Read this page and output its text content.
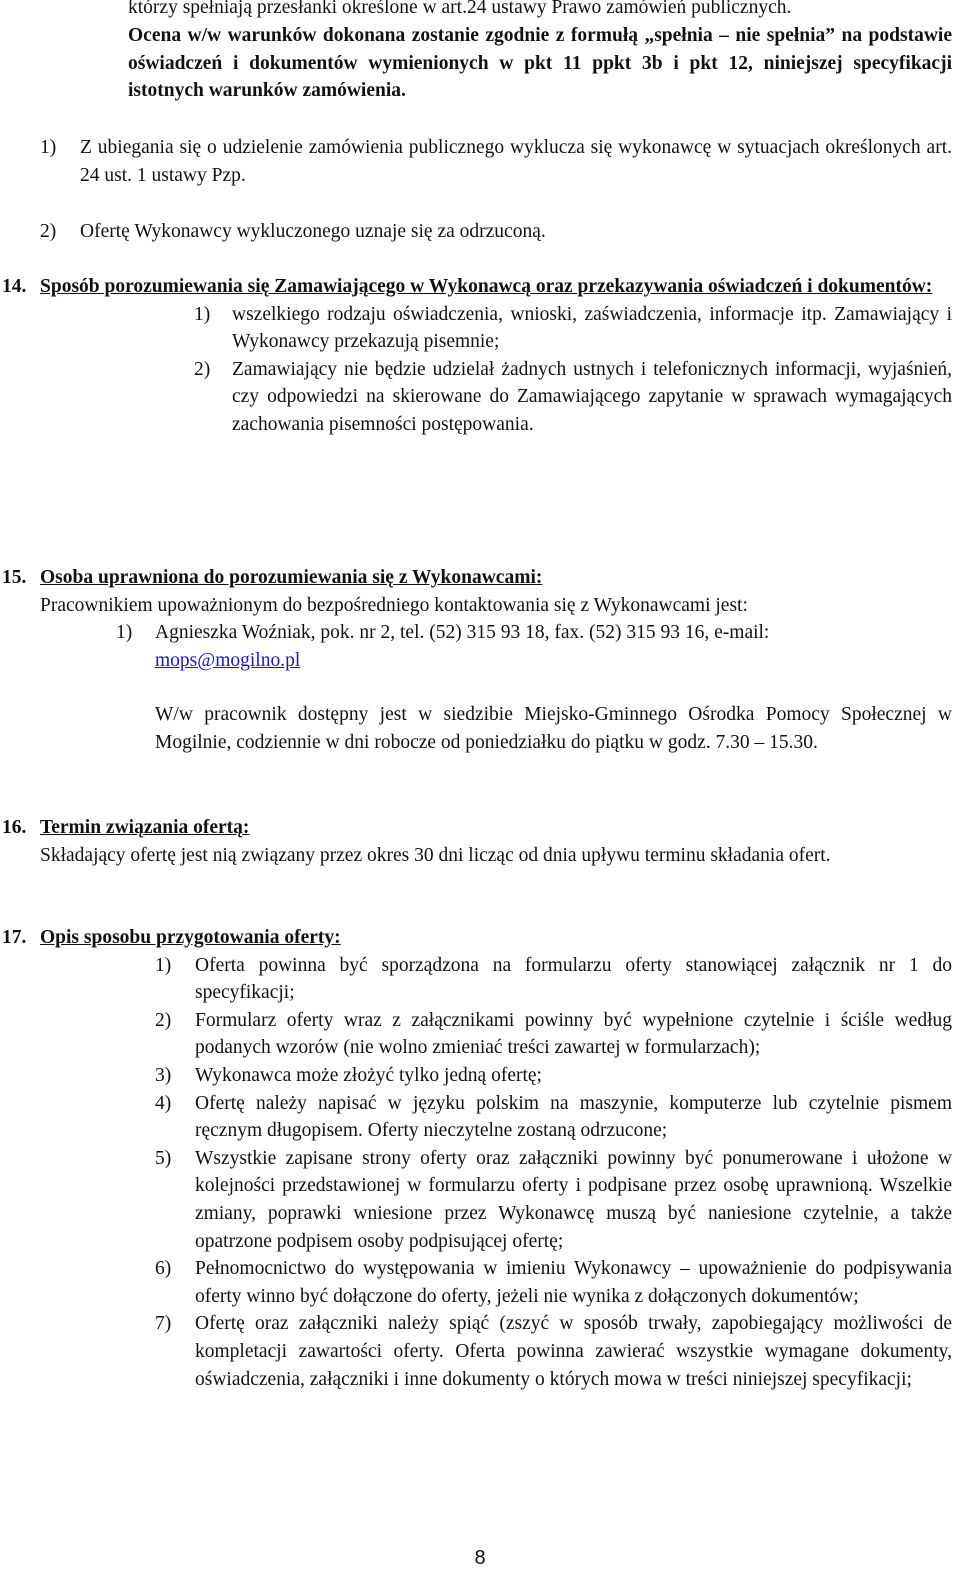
którzy spełniają przesłanki określone w art.24 ustawy Prawo zamówień publicznych.

Ocena w/w warunków dokonana zostanie zgodnie z formułą „spełnia – nie spełnia” na podstawie oświadczeń i dokumentów wymienionych w pkt 11 ppkt 3b i pkt 12, niniejszej specyfikacji istotnych warunków zamówienia.

1) Z ubiegania się o udzielenie zamówienia publicznego wyklucza się wykonawcę w sytuacjach określonych art. 24 ust. 1 ustawy Pzp.
2) Ofertę Wykonawcy wykluczonego uznaje się za odrzuconą.
14. Sposób porozumiewania się Zamawiającego w Wykonawcą oraz przekazywania oświadczeń i dokumentów:
1) wszelkiego rodzaju oświadczenia, wnioski, zaświadczenia, informacje itp. Zamawiający i Wykonawcy przekazują pisemnie;
2) Zamawiający nie będzie udzielał żadnych ustnych i telefonicznych informacji, wyjaśnień, czy odpowiedzi na skierowane do Zamawiającego zapytanie w sprawach wymagających zachowania pisemności postępowania.
15. Osoba uprawniona do porozumiewania się z Wykonawcami:
Pracownikiem upoważnionym do bezpośredniego kontaktowania się z Wykonawcami jest:
1) Agnieszka Woźniak, pok. nr 2, tel. (52) 315 93 18, fax. (52) 315 93 16, e-mail:
mops@mogilno.pl
W/w pracownik dostępny jest w siedzibie Miejsko-Gminnego Ośrodka Pomocy Społecznej w Mogilnie, codziennie w dni robocze od poniedziałku do piątku w godz. 7.30 – 15.30.
16. Termin związania ofertą:
Składający ofertę jest nią związany przez okres 30 dni licząc od dnia upływu terminu składania ofert.
17. Opis sposobu przygotowania oferty:
1) Oferta powinna być sporządzona na formularzu oferty stanowiącej załącznik nr 1 do specyfikacji;
2) Formularz oferty wraz z załącznikami powinny być wypełnione czytelnie i ściśle według podanych wzorów (nie wolno zmieniać treści zawartej w formularzach);
3) Wykonawca może złożyć tylko jedną ofertę;
4) Ofertę należy napisać w języku polskim na maszynie, komputerze lub czytelnie pismem ręcznym długopisem. Oferty nieczytelne zostaną odrzucone;
5) Wszystkie zapisane strony oferty oraz załączniki powinny być ponumerowane i ułożone w kolejności przedstawionej w formularzu oferty i podpisane przez osobę uprawnioną. Wszelkie zmiany, poprawki wniesione przez Wykonawcę muszą być naniesione czytelnie, a także opatrzone podpisem osoby podpisującej ofertę;
6) Pełnomocnictwo do występowania w imieniu Wykonawcy – upoważnienie do podpisywania oferty winno być dołączone do oferty, jeżeli nie wynika z dołączonych dokumentów;
7) Ofertę oraz załączniki należy spiąć (zszyć w sposób trwały, zapobiegający możliwości de kompletacji zawartości oferty. Oferta powinna zawierać wszystkie wymagane dokumenty, oświadczenia, załączniki i inne dokumenty o których mowa w treści niniejszej specyfikacji;
8
